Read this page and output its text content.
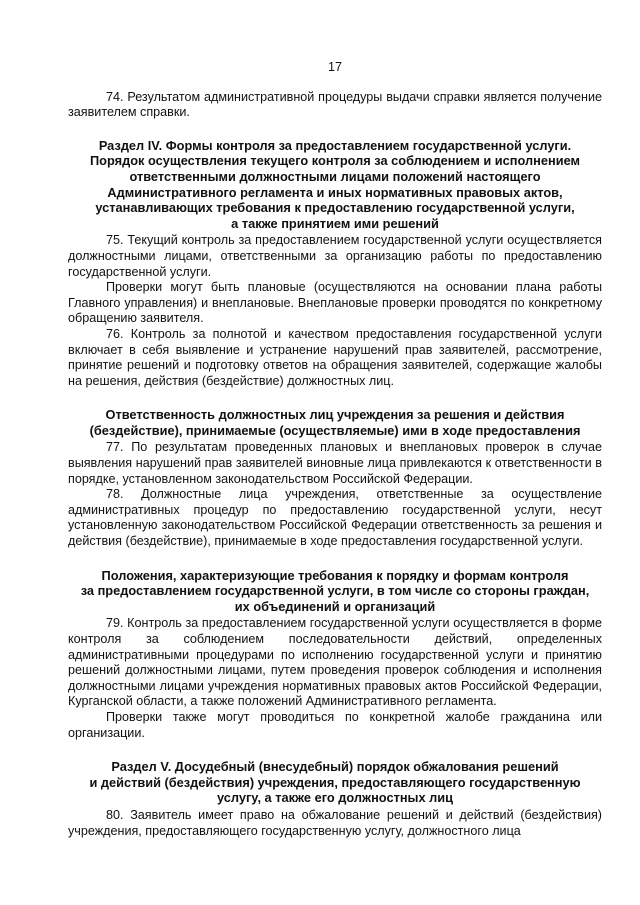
17

74. Результатом административной процедуры выдачи справки является получение заявителем справки.

Раздел IV. Формы контроля за предоставлением государственной услуги.
Порядок осуществления текущего контроля за соблюдением и исполнением
ответственными должностными лицами положений настоящего
Административного регламента и иных нормативных правовых актов,
устанавливающих требования к предоставлению государственной услуги,
а также принятием ими решений

75. Текущий контроль за предоставлением государственной услуги осуществляется должностными лицами, ответственными за организацию работы по предоставлению государственной услуги.

Проверки могут быть плановые (осуществляются на основании плана работы Главного управления) и внеплановые. Внеплановые проверки проводятся по конкретному обращению заявителя.

76. Контроль за полнотой и качеством предоставления государственной услуги включает в себя выявление и устранение нарушений прав заявителей, рассмотрение, принятие решений и подготовку ответов на обращения заявителей, содержащие жалобы на решения, действия (бездействие) должностных лиц.

Ответственность должностных лиц учреждения за решения и действия
(бездействие), принимаемые (осуществляемые) ими в ходе предоставления

77. По результатам проведенных плановых и внеплановых проверок в случае выявления нарушений прав заявителей виновные лица привлекаются к ответственности в порядке, установленном законодательством Российской Федерации.

78. Должностные лица учреждения, ответственные за осуществление административных процедур по предоставлению государственной услуги, несут установленную законодательством Российской Федерации ответственность за решения и действия (бездействие), принимаемые в ходе предоставления государственной услуги.

Положения, характеризующие требования к порядку и формам контроля
за предоставлением государственной услуги, в том числе со стороны граждан,
их объединений и организаций

79. Контроль за предоставлением государственной услуги осуществляется в форме контроля за соблюдением последовательности действий, определенных административными процедурами по исполнению государственной услуги и принятию решений должностными лицами, путем проведения проверок соблюдения и исполнения должностными лицами учреждения нормативных правовых актов Российской Федерации, Курганской области, а также положений Административного регламента.

Проверки также могут проводиться по конкретной жалобе гражданина или организации.

Раздел V. Досудебный (внесудебный) порядок обжалования решений
и действий (бездействия) учреждения, предоставляющего государственную
услугу, а также его должностных лиц

80. Заявитель имеет право на обжалование решений и действий (бездействия) учреждения, предоставляющего государственную услугу, должностного лица
